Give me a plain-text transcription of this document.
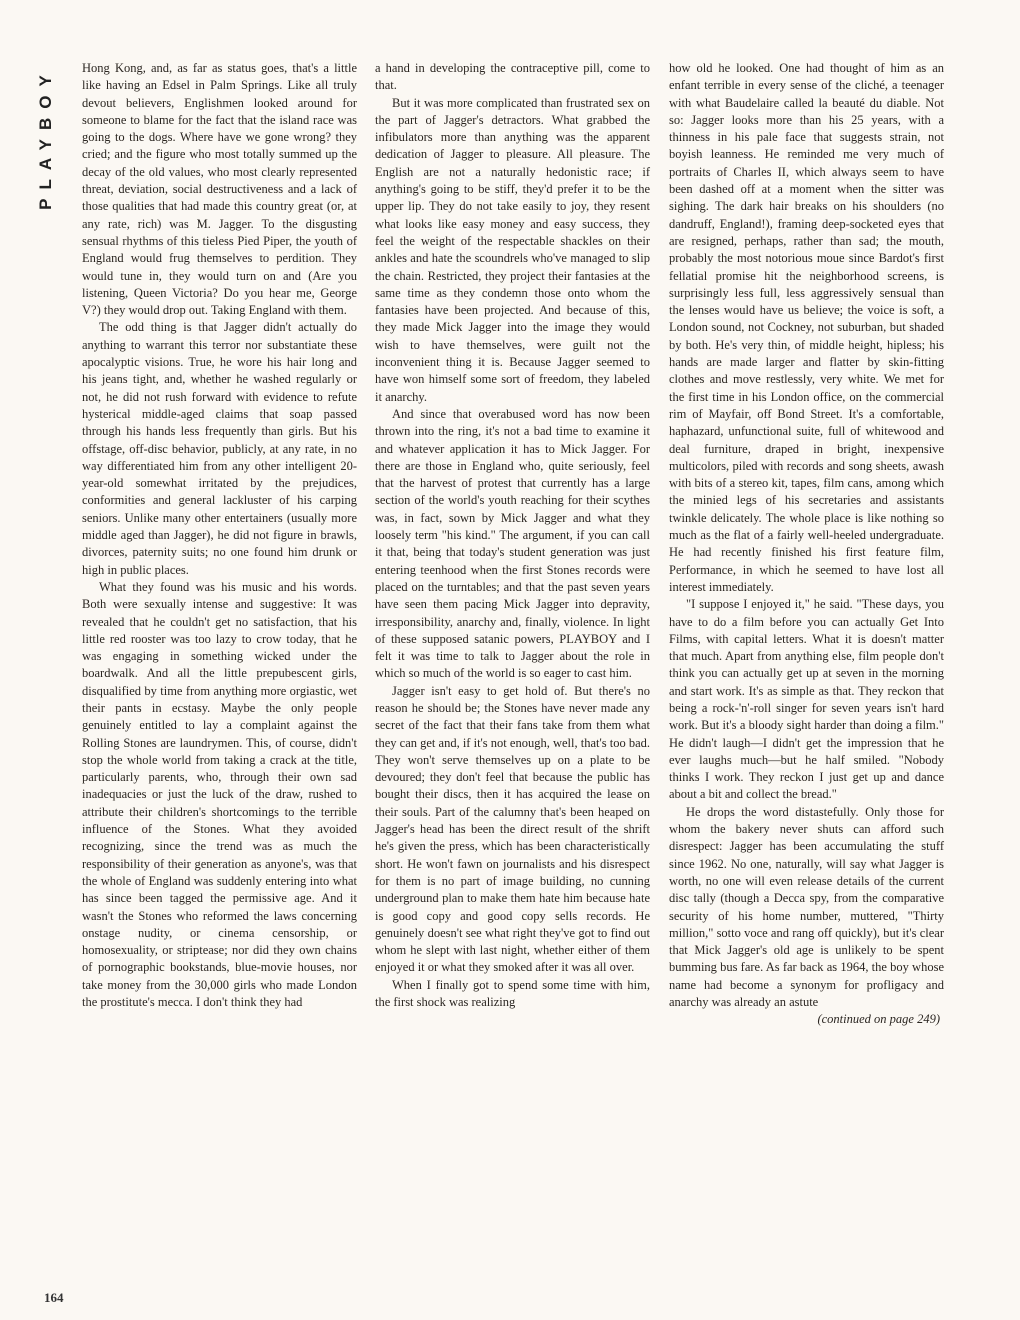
PLAYBOY
164

Hong Kong, and, as far as status goes, that's a little like having an Edsel in Palm Springs. Like all truly devout believers, Englishmen looked around for someone to blame for the fact that the island race was going to the dogs. Where have we gone wrong? they cried; and the figure who most totally summed up the decay of the old values, who most clearly represented threat, deviation, social destructiveness and a lack of those qualities that had made this country great (or, at any rate, rich) was M. Jagger. To the disgusting sensual rhythms of this tieless Pied Piper, the youth of England would frug themselves to perdition. They would tune in, they would turn on and (Are you listening, Queen Victoria? Do you hear me, George V?) they would drop out. Taking England with them.

The odd thing is that Jagger didn't actually do anything to warrant this terror nor substantiate these apocalyptic visions. True, he wore his hair long and his jeans tight, and, whether he washed regularly or not, he did not rush forward with evidence to refute hysterical middle-aged claims that soap passed through his hands less frequently than girls. But his offstage, off-disc behavior, publicly, at any rate, in no way differentiated him from any other intelligent 20-year-old somewhat irritated by the prejudices, conformities and general lackluster of his carping seniors. Unlike many other entertainers (usually more middle aged than Jagger), he did not figure in brawls, divorces, paternity suits; no one found him drunk or high in public places.

What they found was his music and his words. Both were sexually intense and suggestive: It was revealed that he couldn't get no satisfaction, that his little red rooster was too lazy to crow today, that he was engaging in something wicked under the boardwalk. And all the little prepubescent girls, disqualified by time from anything more orgiastic, wet their pants in ecstasy. Maybe the only people genuinely entitled to lay a complaint against the Rolling Stones are laundrymen. This, of course, didn't stop the whole world from taking a crack at the title, particularly parents, who, through their own sad inadequacies or just the luck of the draw, rushed to attribute their children's shortcomings to the terrible influence of the Stones. What they avoided recognizing, since the trend was as much the responsibility of their generation as anyone's, was that the whole of England was suddenly entering into what has since been tagged the permissive age. And it wasn't the Stones who reformed the laws concerning onstage nudity, or cinema censorship, or homosexuality, or striptease; nor did they own chains of pornographic bookstands, blue-movie houses, nor take money from the 30,000 girls who made London the prostitute's mecca. I don't think they had

a hand in developing the contraceptive pill, come to that.

But it was more complicated than frustrated sex on the part of Jagger's detractors. What grabbed the infibulators more than anything was the apparent dedication of Jagger to pleasure. All pleasure. The English are not a naturally hedonistic race; if anything's going to be stiff, they'd prefer it to be the upper lip. They do not take easily to joy, they resent what looks like easy money and easy success, they feel the weight of the respectable shackles on their ankles and hate the scoundrels who've managed to slip the chain. Restricted, they project their fantasies at the same time as they condemn those onto whom the fantasies have been projected. And because of this, they made Mick Jagger into the image they would wish to have themselves, were guilt not the inconvenient thing it is. Because Jagger seemed to have won himself some sort of freedom, they labeled it anarchy.

And since that overabused word has now been thrown into the ring, it's not a bad time to examine it and whatever application it has to Mick Jagger. For there are those in England who, quite seriously, feel that the harvest of protest that currently has a large section of the world's youth reaching for their scythes was, in fact, sown by Mick Jagger and what they loosely term "his kind." The argument, if you can call it that, being that today's student generation was just entering teenhood when the first Stones records were placed on the turntables; and that the past seven years have seen them pacing Mick Jagger into depravity, irresponsibility, anarchy and, finally, violence. In light of these supposed satanic powers, PLAYBOY and I felt it was time to talk to Jagger about the role in which so much of the world is so eager to cast him.

Jagger isn't easy to get hold of. But there's no reason he should be; the Stones have never made any secret of the fact that their fans take from them what they can get and, if it's not enough, well, that's too bad. They won't serve themselves up on a plate to be devoured; they don't feel that because the public has bought their discs, then it has acquired the lease on their souls. Part of the calumny that's been heaped on Jagger's head has been the direct result of the shrift he's given the press, which has been characteristically short. He won't fawn on journalists and his disrespect for them is no part of image building, no cunning underground plan to make them hate him because hate is good copy and good copy sells records. He genuinely doesn't see what right they've got to find out whom he slept with last night, whether either of them enjoyed it or what they smoked after it was all over.

When I finally got to spend some time with him, the first shock was realizing

how old he looked. One had thought of him as an enfant terrible in every sense of the cliché, a teenager with what Baudelaire called la beauté du diable. Not so: Jagger looks more than his 25 years, with a thinness in his pale face that suggests strain, not boyish leanness. He reminded me very much of portraits of Charles II, which always seem to have been dashed off at a moment when the sitter was sighing. The dark hair breaks on his shoulders (no dandruff, England!), framing deep-socketed eyes that are resigned, perhaps, rather than sad; the mouth, probably the most notorious moue since Bardot's first fellatial promise hit the neighborhood screens, is surprisingly less full, less aggressively sensual than the lenses would have us believe; the voice is soft, a London sound, not Cockney, not suburban, but shaded by both. He's very thin, of middle height, hipless; his hands are made larger and flatter by skin-fitting clothes and move restlessly, very white. We met for the first time in his London office, on the commercial rim of Mayfair, off Bond Street. It's a comfortable, haphazard, unfunctional suite, full of whitewood and deal furniture, draped in bright, inexpensive multicolors, piled with records and song sheets, awash with bits of a stereo kit, tapes, film cans, among which the minied legs of his secretaries and assistants twinkle delicately. The whole place is like nothing so much as the flat of a fairly well-heeled undergraduate. He had recently finished his first feature film, Performance, in which he seemed to have lost all interest immediately.

"I suppose I enjoyed it," he said. "These days, you have to do a film before you can actually Get Into Films, with capital letters. What it is doesn't matter that much. Apart from anything else, film people don't think you can actually get up at seven in the morning and start work. It's as simple as that. They reckon that being a rock-'n'-roll singer for seven years isn't hard work. But it's a bloody sight harder than doing a film." He didn't laugh—I didn't get the impression that he ever laughs much—but he half smiled. "Nobody thinks I work. They reckon I just get up and dance about a bit and collect the bread."

He drops the word distastefully. Only those for whom the bakery never shuts can afford such disrespect: Jagger has been accumulating the stuff since 1962. No one, naturally, will say what Jagger is worth, no one will even release details of the current disc tally (though a Decca spy, from the comparative security of his home number, muttered, "Thirty million," sotto voce and rang off quickly), but it's clear that Mick Jagger's old age is unlikely to be spent bumming bus fare. As far back as 1964, the boy whose name had become a synonym for profligacy and anarchy was already an astute

(continued on page 249)
